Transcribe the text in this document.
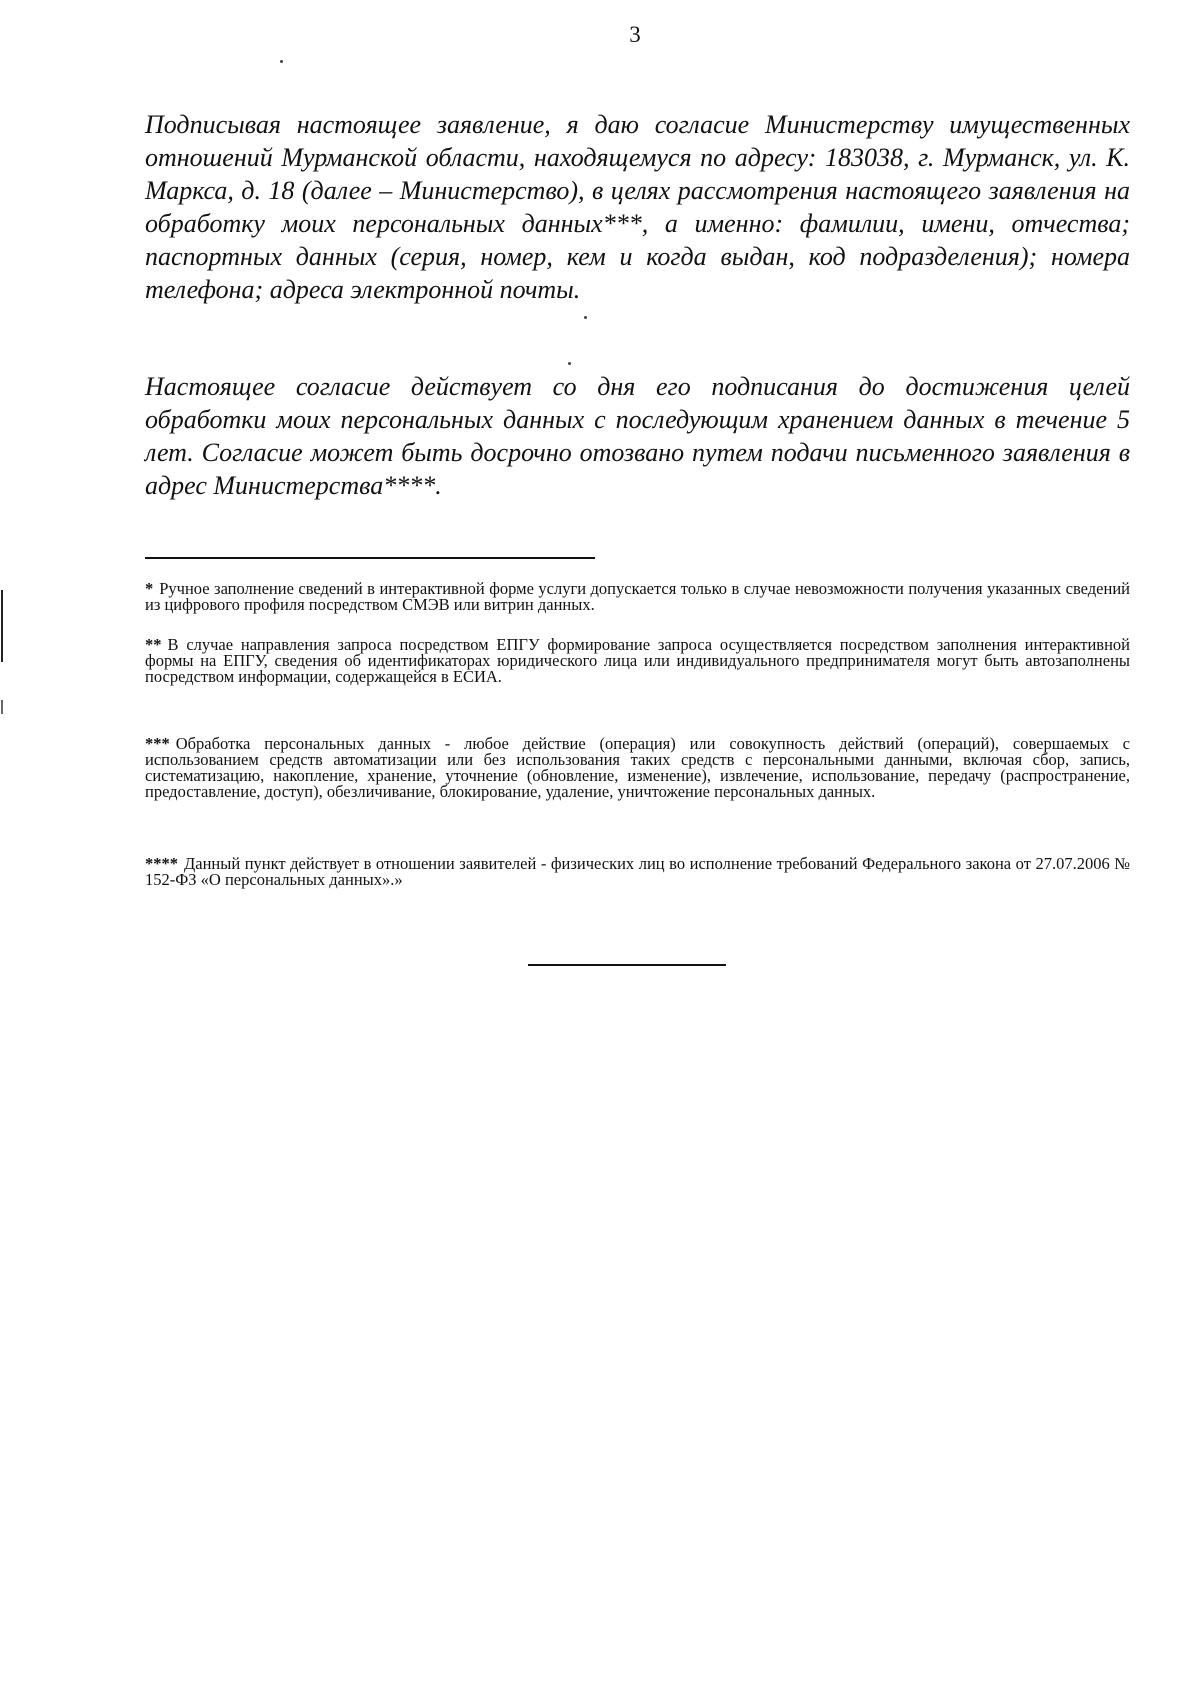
3

Подписывая настоящее заявление, я даю согласие Министерству имущественных отношений Мурманской области, находящемуся по адресу: 183038, г. Мурманск, ул. К. Маркса, д. 18 (далее – Министерство), в целях рассмотрения настоящего заявления на обработку моих персональных данных***, а именно: фамилии, имени, отчества; паспортных данных (серия, номер, кем и когда выдан, код подразделения); номера телефона; адреса электронной почты.

Настоящее согласие действует со дня его подписания до достижения целей обработки моих персональных данных с последующим хранением данных в течение 5 лет. Согласие может быть досрочно отозвано путем подачи письменного заявления в адрес Министерства****.

* Ручное заполнение сведений в интерактивной форме услуги допускается только в случае невозможности получения указанных сведений из цифрового профиля посредством СМЭВ или витрин данных.

** В случае направления запроса посредством ЕПГУ формирование запроса осуществляется посредством заполнения интерактивной формы на ЕПГУ, сведения об идентификаторах юридического лица или индивидуального предпринимателя могут быть автозаполнены посредством информации, содержащейся в ЕСИА.

*** Обработка персональных данных - любое действие (операция) или совокупность действий (операций), совершаемых с использованием средств автоматизации или без использования таких средств с персональными данными, включая сбор, запись, систематизацию, накопление, хранение, уточнение (обновление, изменение), извлечение, использование, передачу (распространение, предоставление, доступ), обезличивание, блокирование, удаление, уничтожение персональных данных.

**** Данный пункт действует в отношении заявителей - физических лиц во исполнение требований Федерального закона от 27.07.2006 № 152-ФЗ «О персональных данных».»
